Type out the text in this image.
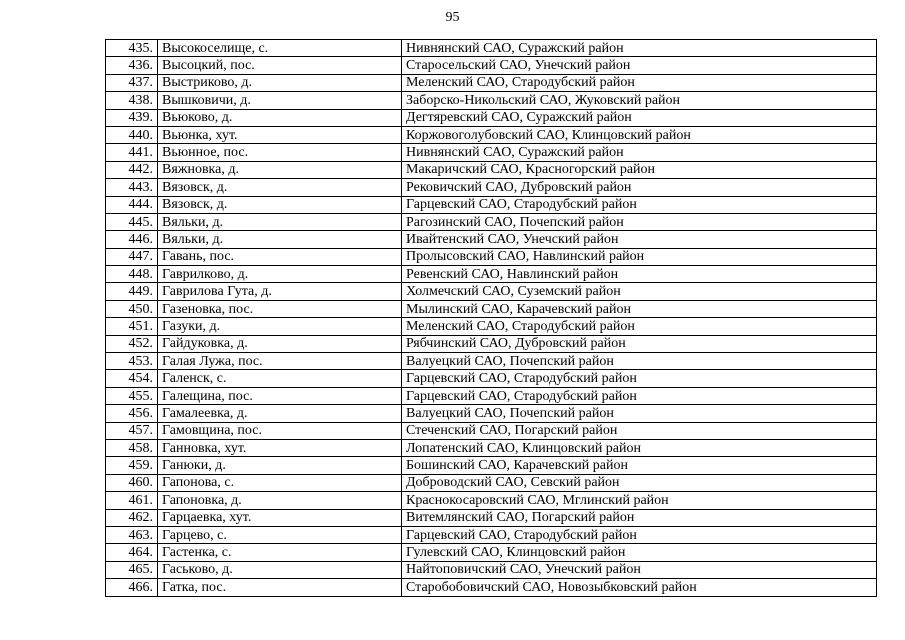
95
435.	Высокоселище, с.	Нивнянский САО, Суражский район
436.	Высоцкий, пос.	Старосельский САО, Унечский район
437.	Выстриково, д.	Меленский САО, Стародубский район
438.	Вышковичи, д.	Заборско-Никольский САО, Жуковский район
439.	Вьюково, д.	Дегтяревский САО, Суражский район
440.	Вьюнка, хут.	Коржовоголубовский САО, Клинцовский район
441.	Вьюнное, пос.	Нивнянский САО, Суражский район
442.	Вяжновка, д.	Макаричский САО, Красногорский район
443.	Вязовск, д.	Рековичский САО, Дубровский район
444.	Вязовск, д.	Гарцевский САО, Стародубский район
445.	Вяльки, д.	Рагозинский САО, Почепский район
446.	Вяльки, д.	Ивайтенский САО, Унечский район
447.	Гавань, пос.	Пролысовский САО, Навлинский район
448.	Гаврилково, д.	Ревенский САО, Навлинский район
449.	Гаврилова Гута, д.	Холмечский САО, Суземский район
450.	Газеновка, пос.	Мылинский САО, Карачевский район
451.	Газуки, д.	Меленский САО, Стародубский район
452.	Гайдуковка, д.	Рябчинский САО, Дубровский район
453.	Галая Лужа, пос.	Валуецкий САО, Почепский район
454.	Галенск, с.	Гарцевский САО, Стародубский район
455.	Галещина, пос.	Гарцевский САО, Стародубский район
456.	Гамалеевка, д.	Валуецкий САО, Почепский район
457.	Гамовщина, пос.	Стеченский САО, Погарский район
458.	Ганновка, хут.	Лопатенский САО, Клинцовский район
459.	Ганюки, д.	Бошинский САО, Карачевский район
460.	Гапонова, с.	Доброводский САО, Севский район
461.	Гапоновка, д.	Краснокосаровский САО, Мглинский район
462.	Гарцаевка, хут.	Витемлянский САО, Погарский район
463.	Гарцево, с.	Гарцевский САО, Стародубский район
464.	Гастенка, с.	Гулевский САО, Клинцовский район
465.	Гаськово, д.	Найтоповичский САО, Унечский район
466.	Гатка, пос.	Старобобовичский САО, Новозыбковский район
